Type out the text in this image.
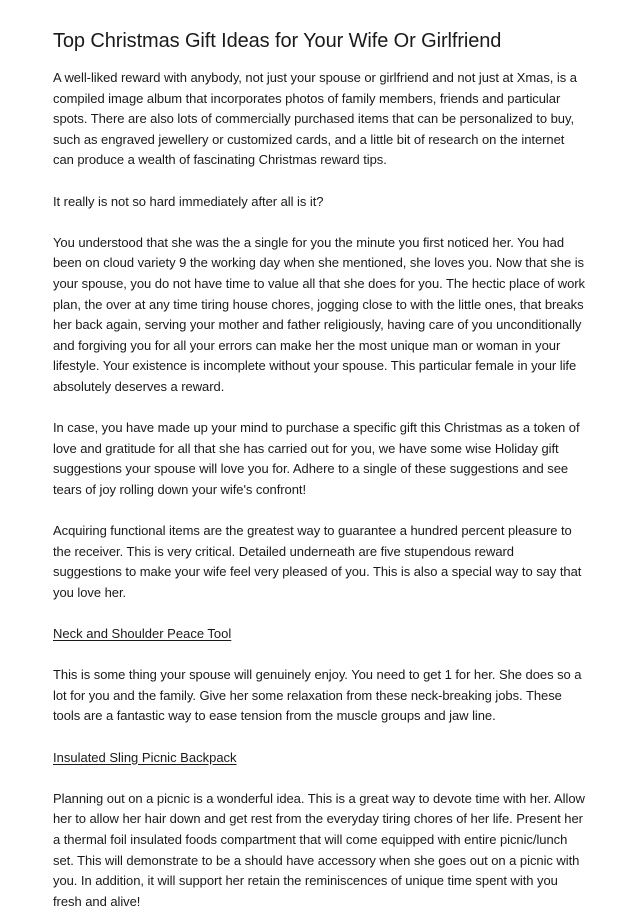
Top Christmas Gift Ideas for Your Wife Or Girlfriend

A well-liked reward with anybody, not just your spouse or girlfriend and not just at Xmas, is a compiled image album that incorporates photos of family members, friends and particular spots. There are also lots of commercially purchased items that can be personalized to buy, such as engraved jewellery or customized cards, and a little bit of research on the internet can produce a wealth of fascinating Christmas reward tips.

It really is not so hard immediately after all is it?

You understood that she was the a single for you the minute you first noticed her. You had been on cloud variety 9 the working day when she mentioned, she loves you. Now that she is your spouse, you do not have time to value all that she does for you. The hectic place of work plan, the over at any time tiring house chores, jogging close to with the little ones, that breaks her back again, serving your mother and father religiously, having care of you unconditionally and forgiving you for all your errors can make her the most unique man or woman in your lifestyle. Your existence is incomplete without your spouse. This particular female in your life absolutely deserves a reward.

In case, you have made up your mind to purchase a specific gift this Christmas as a token of love and gratitude for all that she has carried out for you, we have some wise Holiday gift suggestions your spouse will love you for. Adhere to a single of these suggestions and see tears of joy rolling down your wife's confront!

Acquiring functional items are the greatest way to guarantee a hundred percent pleasure to the receiver. This is very critical. Detailed underneath are five stupendous reward suggestions to make your wife feel very pleased of you. This is also a special way to say that you love her.

Neck and Shoulder Peace Tool

This is some thing your spouse will genuinely enjoy. You need to get 1 for her. She does so a lot for you and the family. Give her some relaxation from these neck-breaking jobs. These tools are a fantastic way to ease tension from the muscle groups and jaw line.

Insulated Sling Picnic Backpack

Planning out on a picnic is a wonderful idea. This is a great way to devote time with her. Allow her to allow her hair down and get rest from the everyday tiring chores of her life. Present her a thermal foil insulated foods compartment that will come equipped with entire picnic/lunch set. This will demonstrate to be a should have accessory when she goes out on a picnic with you. In addition, it will support her retain the reminiscences of unique time spent with you fresh and alive!
